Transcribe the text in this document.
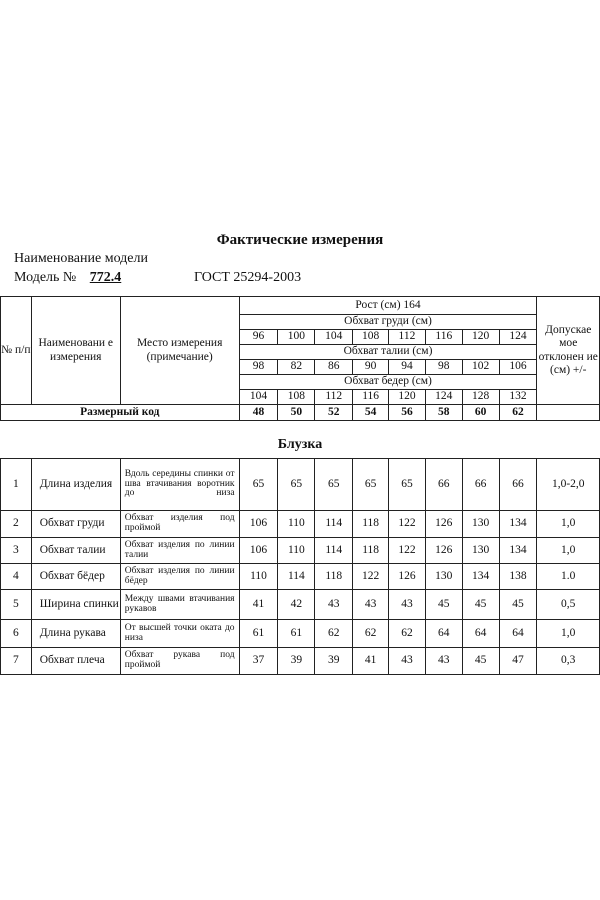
Фактические измерения
Наименование модели
Модель № 772.4	ГОСТ 25294-2003
№ п/п	Наименовани е измерения	Место измерения (примечание)	Рост (см) 164								Допускае мое отклонен ие (см) +/-
			Обхват груди (см)								
			96	100	104	108	112	116	120	124	
			Обхват талии (см)								
			98	82	86	90	94	98	102	106	
			Обхват бедер (см)								
			104	108	112	116	120	124	128	132	
Размерный код			48	50	52	54	56	58	60	62	
Блузка
1	Длина изделия	Вдоль середины спинки от шва втачивания воротник до низа	65	65	65	65	65	66	66	66	1,0-2,0
2	Обхват груди	Обхват изделия под проймой	106	110	114	118	122	126	130	134	1,0
3	Обхват талии	Обхват изделия по линии талии	106	110	114	118	122	126	130	134	1,0
4	Обхват бёдер	Обхват изделия по линии бёдер	110	114	118	122	126	130	134	138	1.0
5	Ширина спинки	Между швами втачивания рукавов	41	42	43	43	43	45	45	45	0,5
6	Длина рукава	От высшей точки оката до низа	61	61	62	62	62	64	64	64	1,0
7	Обхват плеча	Обхват рукава под проймой	37	39	39	41	43	43	45	47	0,3
